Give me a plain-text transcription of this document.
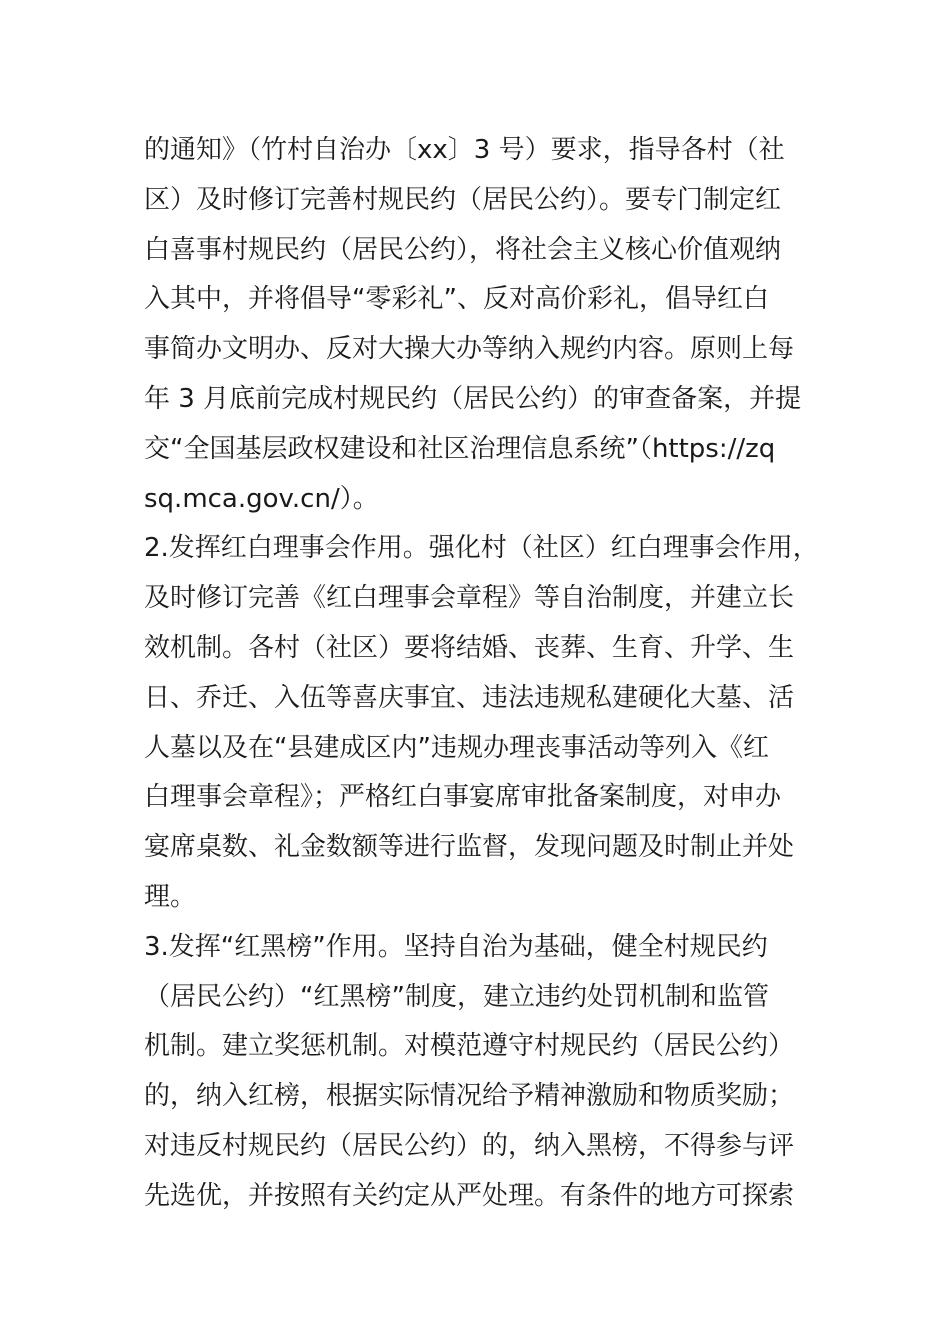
的通知》（竹村自治办〔xx〕3 号）要求，指导各村（社
区）及时修订完善村规民约（居民公约）。要专门制定红
白喜事村规民约（居民公约），将社会主义核心价值观纳
入其中，并将倡导“零彩礼”、反对高价彩礼，倡导红白
事简办文明办、反对大操大办等纳入规约内容。原则上每
年 3 月底前完成村规民约（居民公约）的审查备案，并提
交“全国基层政权建设和社区治理信息系统”（https://zq
sq.mca.gov.cn/）。
2.发挥红白理事会作用。强化村（社区）红白理事会作用，
及时修订完善《红白理事会章程》等自治制度，并建立长
效机制。各村（社区）要将结婚、丧葬、生育、升学、生
日、乔迁、入伍等喜庆事宜、违法违规私建硬化大墓、活
人墓以及在“县建成区内”违规办理丧事活动等列入《红
白理事会章程》；严格红白事宴席审批备案制度，对申办
宴席桌数、礼金数额等进行监督，发现问题及时制止并处
理。
3.发挥“红黑榜”作用。坚持自治为基础，健全村规民约
（居民公约）“红黑榜”制度，建立违约处罚机制和监管
机制。建立奖惩机制。对模范遵守村规民约（居民公约）
的，纳入红榜，根据实际情况给予精神激励和物质奖励；
对违反村规民约（居民公约）的，纳入黑榜，不得参与评
先选优，并按照有关约定从严处理。有条件的地方可探索
